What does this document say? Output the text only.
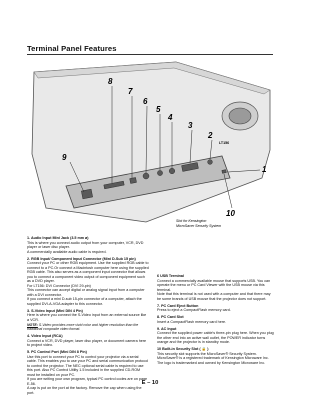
Terminal Panel Features
8
7
6
5
4
3
2
9
1
10
Slot for Kensington
MicroSaver Security System
LT156
1. Audio Input Mini Jack (3.5 mm ø)
This is where you connect audio output from your computer, VCR, DVD player or laser disc player.
A commercially available audio cable is required.
2. RGB Input/ Component Input Connector (Mini D-Sub 15 pin)
Connect your PC or other RGB equipment. Use the supplied RGB cable to connect to a PC.Or connect a Macintosh computer here using the supplied RGB cable. This also serves as a component input connector that allows you to connect a component video output of component equipment such as a DVD player.
For LT156: DVI Connector (DVI 29-pin)
This connector can accept digital or analog signal input from a computer with a DVI connector.
If you connect a mini D-sub 15-pin connector of a computer, attach the supplied DVI-A-VGA adapter to this connector.
3. S-Video Input (Mini DIN 4 Pin)
Here is where you connect the S-Video input from an external source like a VCR.
NOTE: S-Video provides more vivid color and higher resolution than the traditional composite video format.
4. Video Input (RCA)
Connect a VCR, DVD player, laser disc player, or document camera here to project video.
5. PC Control Port (Mini DIN 8 Pin)
Use this port to connect your PC to control your projector via a serial cable. This enables you to use your PC and serial communication protocol to control the projector. The NEC optional serial cable is required to use this port. Also PC Control Utility 1.5 included in the supplied CD-ROM must be installed on your PC.
If you are writing your own program, typical PC control codes are on page E-56.
A cap is put on the port at the factory. Remove the cap when using the port.
6 USB Terminal
Connect a commercially available mouse that supports USB. You can operate the menu or PC Card Viewer with the USB mouse via this terminal.
Note that this terminal is not used with a computer and that there may be some brands of USB mouse that the projector does not support.
7. PC Card Eject Button
Press to eject a CompactFlash memory card.
8. PC Card Slot
Insert a CompactFlash memory card here.
9. AC Input
Connect the supplied power cable's three-pin plug here. When you plug the other end into an active wall outlet, the POWER indicator turns orange and the projector is in standby mode.
10 Built-in Security Slot ( 🔒 )
This security slot supports the MicroSaver® Security System. MicroSaver® is a registered trademark of Kensington Microware Inc. The logo is trademarked and owned by Kensington Microware Inc.
E – 10
